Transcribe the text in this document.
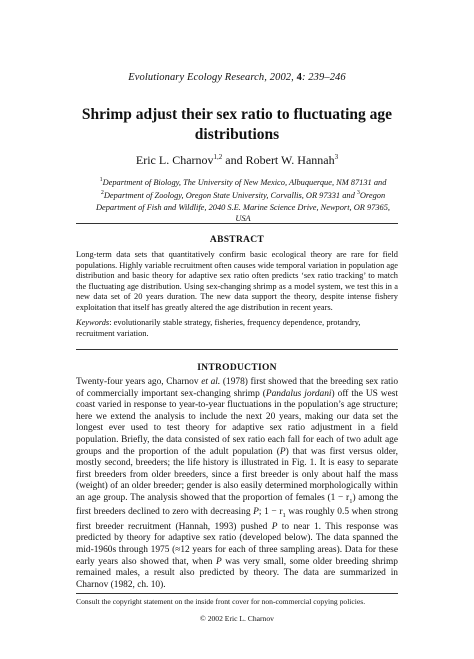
Evolutionary Ecology Research, 2002, 4: 239–246
Shrimp adjust their sex ratio to fluctuating age distributions
Eric L. Charnov$^{1,2}$ and Robert W. Hannah$^3$
$^1$Department of Biology, The University of New Mexico, Albuquerque, NM 87131 and
$^2$Department of Zoology, Oregon State University, Corvallis, OR 97331 and $^3$Oregon Department of Fish and Wildlife, 2040 S.E. Marine Science Drive, Newport, OR 97365, USA
ABSTRACT
Long-term data sets that quantitatively confirm basic ecological theory are rare for field populations. Highly variable recruitment often causes wide temporal variation in population age distribution and basic theory for adaptive sex ratio often predicts ‘sex ratio tracking’ to match the fluctuating age distribution. Using sex-changing shrimp as a model system, we test this in a new data set of 20 years duration. The new data support the theory, despite intense fishery exploitation that itself has greatly altered the age distribution in recent years.
Keywords: evolutionarily stable strategy, fisheries, frequency dependence, protandry, recruitment variation.
INTRODUCTION
Twenty-four years ago, Charnov et al. (1978) first showed that the breeding sex ratio of commercially important sex-changing shrimp (Pandalus jordani) off the US west coast varied in response to year-to-year fluctuations in the population’s age structure; here we extend the analysis to include the next 20 years, making our data set the longest ever used to test theory for adaptive sex ratio adjustment in a field population. Briefly, the data consisted of sex ratio each fall for each of two adult age groups and the proportion of the adult population (P) that was first versus older, mostly second, breeders; the life history is illustrated in Fig. 1. It is easy to separate first breeders from older breeders, since a first breeder is only about half the mass (weight) of an older breeder; gender is also easily determined morphologically within an age group. The analysis showed that the proportion of females $(1 - r_1)$ among the first breeders declined to zero with decreasing P; $1 - r_1$ was roughly 0.5 when strong first breeder recruitment (Hannah, 1993) pushed P to near 1. This response was predicted by theory for adaptive sex ratio (developed below). The data spanned the mid-1960s through 1975 (≈12 years for each of three sampling areas). Data for these early years also showed that, when P was very small, some older breeding shrimp remained males, a result also predicted by theory. The data are summarized in Charnov (1982, ch. 10).
Consult the copyright statement on the inside front cover for non-commercial copying policies.
© 2002 Eric L. Charnov
